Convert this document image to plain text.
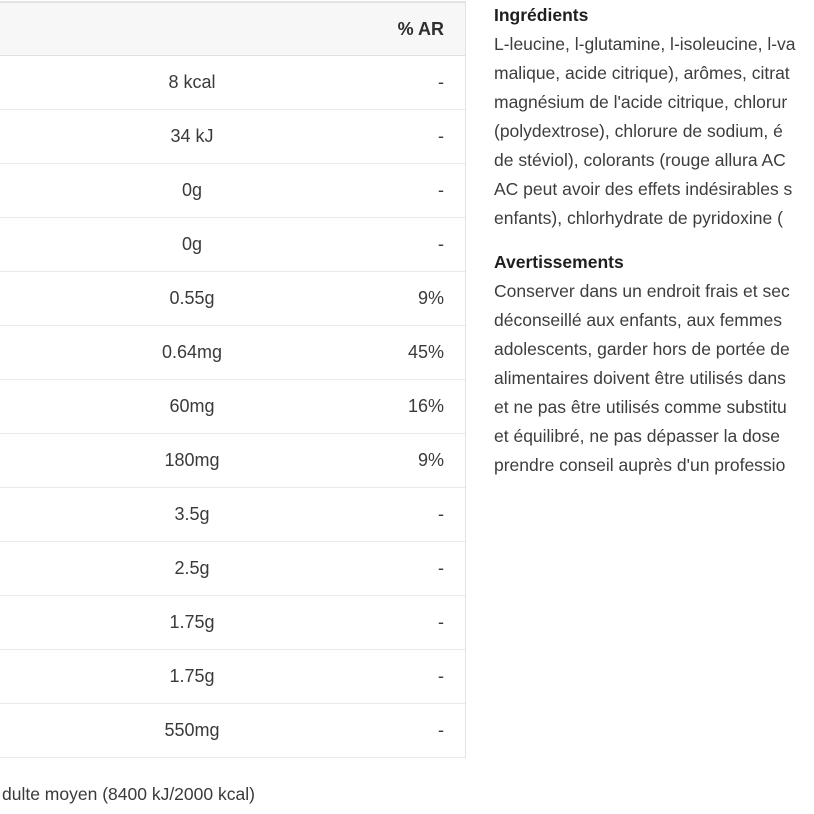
% AR
8 kcal	-
34 kJ	-
0g	-
0g	-
0.55g	9%
0.64mg	45%
60mg	16%
180mg	9%
3.5g	-
2.5g	-
1.75g	-
1.75g	-
550mg	-
dulte moyen (8400 kJ/2000 kcal)
Ingrédients
L-leucine, l-glutamine, l-isoleucine, l-va
malique, acide citrique), arômes, citrat
magnésium de l'acide citrique, chlorur
(polydextrose), chlorure de sodium, é
de stéviol), colorants (rouge allura AC
AC peut avoir des effets indésirables s
enfants), chlorhydrate de pyridoxine (
Avertissements
Conserver dans un endroit frais et sec
déconseillé aux enfants, aux femmes
adolescents, garder hors de portée de
alimentaires doivent être utilisés dans
et ne pas être utilisés comme substitu
et équilibré, ne pas dépasser la dose
prendre conseil auprès d'un professio
